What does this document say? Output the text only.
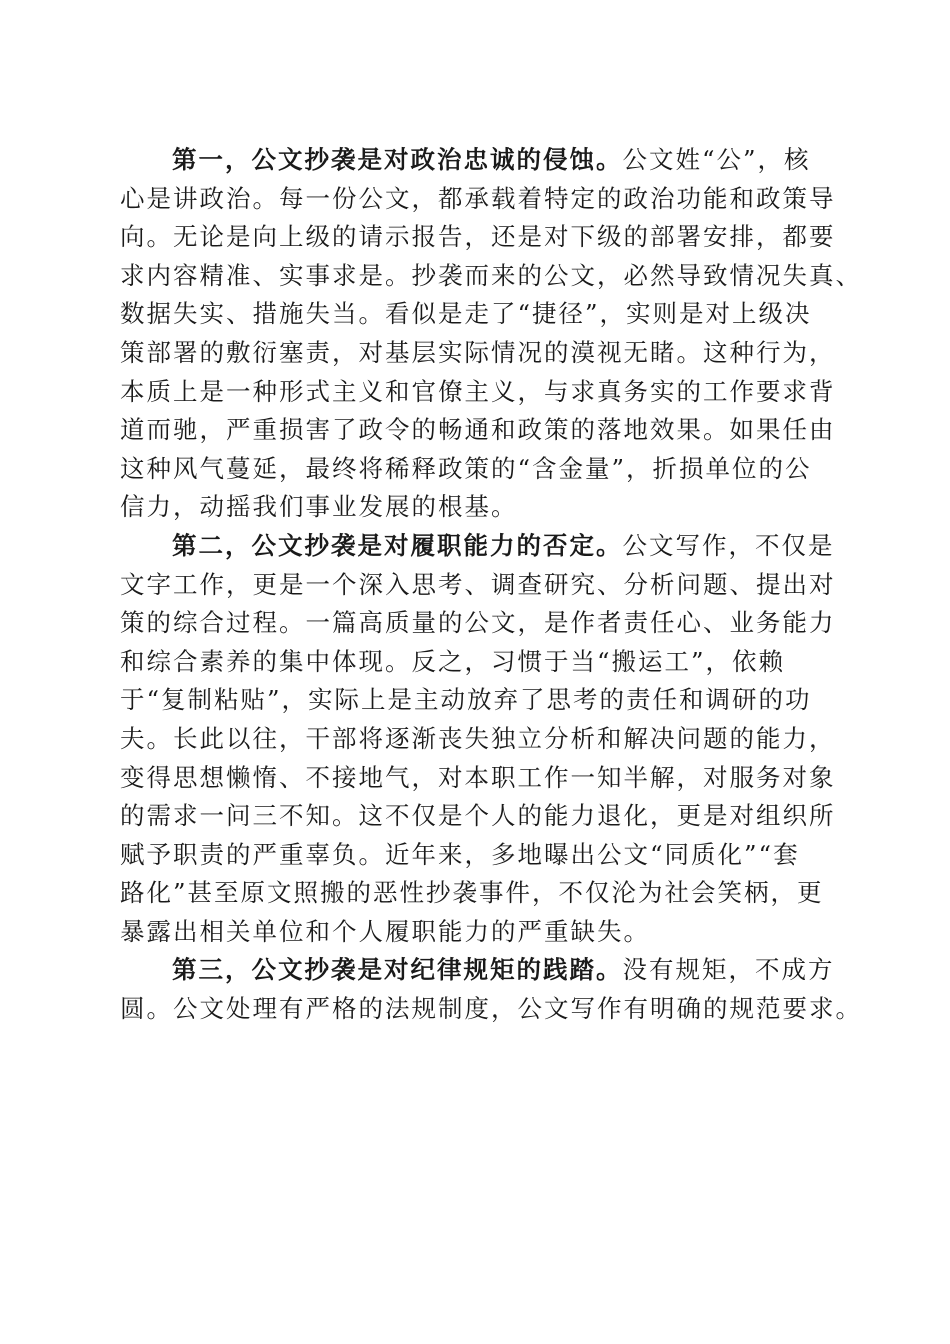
第一，公文抄袭是对政治忠诚的侵蚀。公文姓“公”，核
心是讲政治。每一份公文，都承载着特定的政治功能和政策导
向。无论是向上级的请示报告，还是对下级的部署安排，都要
求内容精准、实事求是。抄袭而来的公文，必然导致情况失真、
数据失实、措施失当。看似是走了“捷径”，实则是对上级决
策部署的敷衍塞责，对基层实际情况的漠视无睹。这种行为，
本质上是一种形式主义和官僚主义，与求真务实的工作要求背
道而驰，严重损害了政令的畅通和政策的落地效果。如果任由
这种风气蔓延，最终将稀释政策的“含金量”，折损单位的公
信力，动摇我们事业发展的根基。

第二，公文抄袭是对履职能力的否定。公文写作，不仅是
文字工作，更是一个深入思考、调查研究、分析问题、提出对
策的综合过程。一篇高质量的公文，是作者责任心、业务能力
和综合素养的集中体现。反之，习惯于当“搬运工”，依赖
于“复制粘贴”，实际上是主动放弃了思考的责任和调研的功
夫。长此以往，干部将逐渐丧失独立分析和解决问题的能力，
变得思想懒惰、不接地气，对本职工作一知半解，对服务对象
的需求一问三不知。这不仅是个人的能力退化，更是对组织所
赋予职责的严重辜负。近年来，多地曝出公文“同质化”“套
路化”甚至原文照搬的恶性抄袭事件，不仅沦为社会笑柄，更
暴露出相关单位和个人履职能力的严重缺失。

第三，公文抄袭是对纪律规矩的践踏。没有规矩，不成方
圆。公文处理有严格的法规制度，公文写作有明确的规范要求。
